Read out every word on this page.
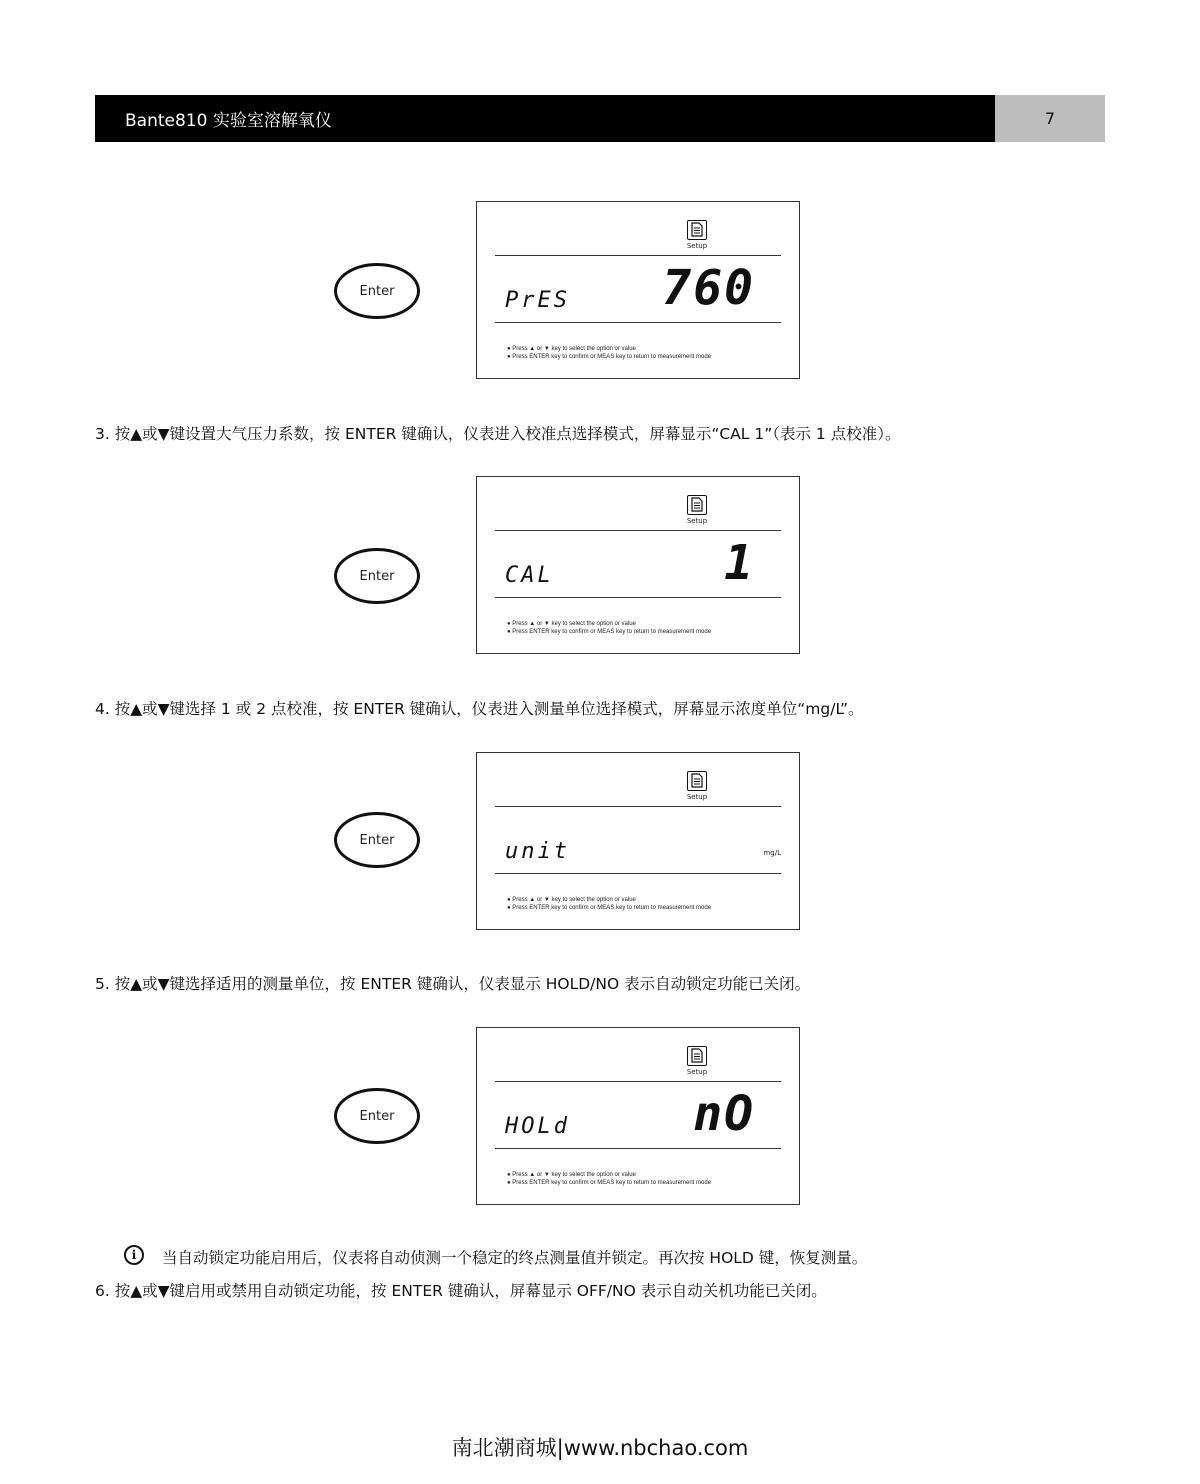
Bante810 实验室溶解氧仪	7
Enter
Setup
PrES 760
● Press ▲ or ▼ key to select the option or value
● Press ENTER key to confirm or MEAS key to return to measurement mode
3. 按▲或▼键设置大气压力系数，按 ENTER 键确认，仪表进入校准点选择模式，屏幕显示“CAL 1”（表示 1 点校准）。
Enter
Setup
CAL	1
● Press ▲ or ▼ key to select the option or value
● Press ENTER key to confirm or MEAS key to return to measurement mode
4. 按▲或▼键选择 1 或 2 点校准，按 ENTER 键确认，仪表进入测量单位选择模式，屏幕显示浓度单位“mg/L”。
Enter
Setup
unit	mg/L
● Press ▲ or ▼ key to select the option or value
● Press ENTER key to confirm or MEAS key to return to measurement mode
5. 按▲或▼键选择适用的测量单位，按 ENTER 键确认，仪表显示 HOLD/NO 表示自动锁定功能已关闭。
Enter
Setup
HOLd	nO
● Press ▲ or ▼ key to select the option or value
● Press ENTER key to confirm or MEAS key to return to measurement mode
i	当自动锁定功能启用后，仪表将自动侦测一个稳定的终点测量值并锁定。再次按 HOLD 键，恢复测量。
6. 按▲或▼键启用或禁用自动锁定功能，按 ENTER 键确认，屏幕显示 OFF/NO 表示自动关机功能已关闭。
南北潮商城|www.nbchao.com
